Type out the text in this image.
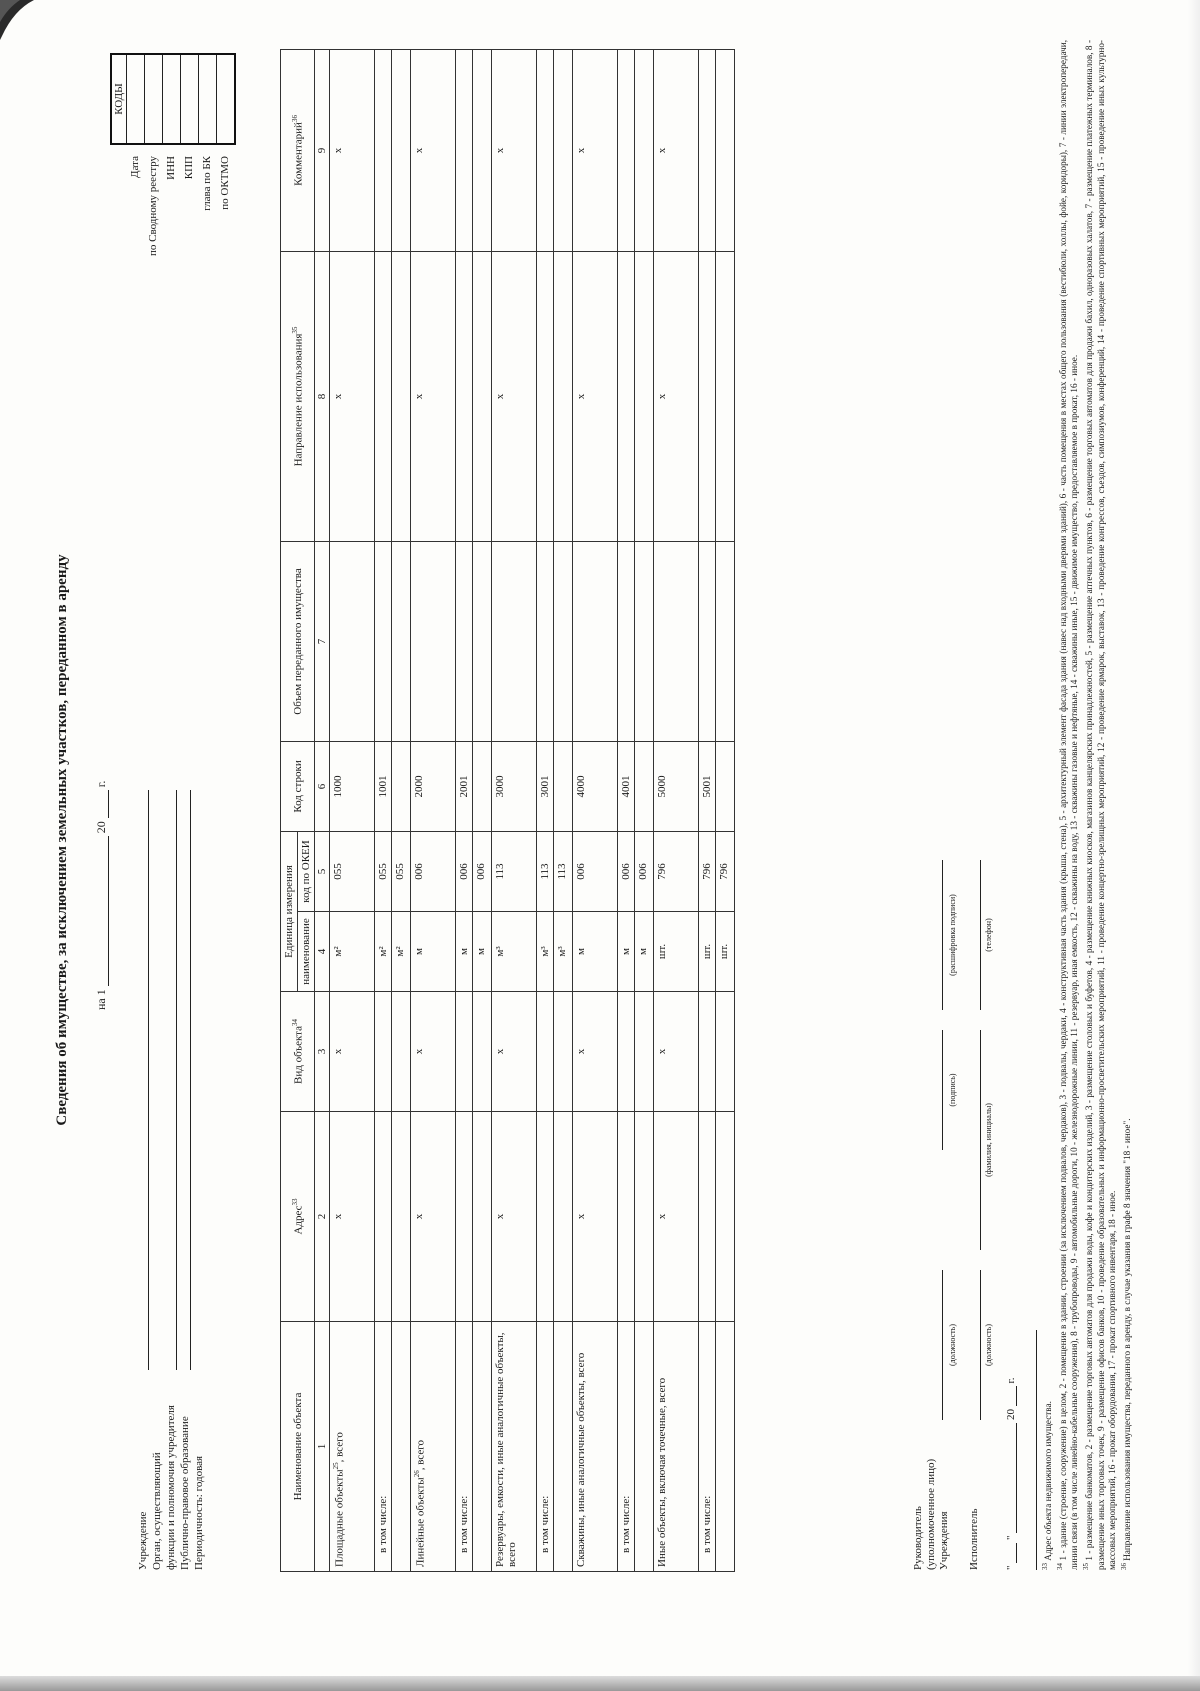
Сведения об имуществе, за исключением земельных участков, переданном в аренду на 1  20  г.
Учреждение Орган, осуществляющий функции и полномочия учредителя Публично-правовое образование Периодичность: годовая
Дата по Сводному реестру ИНН КПП глава по БК по ОКТМО
КОДЫ

Наименование объекта	Адрес$^{33}$	Вид объекта$^{34}$	Единица измерения		Код строки	Объем переданного имущества	Направление использования$^{35}$	Комментарий$^{36}$
			наименование	код по ОКЕИ				
1	2	3	4	5	6	7	8	9
Площадные объекты$^{25}$, всего	х	х	м²	055	1000		х	х
в том числе:			м²	055	1001			
			м²	055				
Линейные объекты$^{26}$, всего	х	х	м	006	2000		х	х
в том числе:			м	006	2001			
			м	006				
Резервуары, емкости, иные аналогичные объекты, всего	х	х	м³	113	3000		х	х
в том числе:			м³	113	3001			
			м³	113				
Скважины, иные аналогичные объекты, всего	х	х	м	006	4000		х	х
в том числе:			м	006	4001			
			м	006				
Иные объекты, включая точечные, всего	х	х	шт.	796	5000		х	х
в том числе:			шт.	796	5001			
			шт.	796				
Руководитель (уполномоченное лицо) Учреждения
(должность)
(подпись)
(расшифровка подписи)
Исполнитель
(должность)
(фамилия, инициалы)
(телефон)
"  "  20  г.

$^{33}$ Адрес объекта недвижимого имущества.

$^{34}$ 1 - здание (строение, сооружение) в целом, 2 - помещение в здании, строении (за исключением подвалов, чердаков), 3 - подвалы, чердаки, 4 - конструктивная часть здания (крыша, стена), 5 - архитектурный элемент фасада здания (навес над входными дверями зданий), 6 - часть помещения в местах общего пользования (вестибюли, холлы, фойе, коридоры), 7 - линии электропередачи, линии связи (в том числе линейно-кабельные сооружения), 8 - трубопроводы, 9 - автомобильные дороги, 10 - железнодорожные линии, 11 - резервуар, иная емкость, 12 - скважины на воду, 13 - скважины газовые и нефтяные, 14 - скважины иные, 15 - движимое имущество, предоставляемое в прокат, 16 - иное. $^{35}$ 1 - размещение банкоматов, 2 - размещение торговых автоматов для продажи воды, кофе и кондитерских изделий, 3 - размещение столовых и буфетов, 4 - размещение книжных киосков, магазинов канцелярских принадлежностей, 5 - размещение аптечных пунктов, 6 - размещение торговых автоматов для продажи бахил, одноразовых халатов, 7 - размещение платежных терминалов, 8 - размещение иных торговых точек, 9 - размещение офисов банков, 10 - проведение образовательных и информационно-просветительских мероприятий, 11 - проведение концертно-зрелищных мероприятий, 12 - проведение ярмарок, выставок, 13 - проведение конгрессов, съездов, симпозиумов, конференций, 14 - проведение спортивных мероприятий, 15 - проведение иных культурно-массовых мероприятий, 16 - прокат оборудования, 17 - прокат спортивного инвентаря, 18 - иное. $^{36}$ Направление использования имущества, переданного в аренду, в случае указания в графе 8 значения "18 - иное".
